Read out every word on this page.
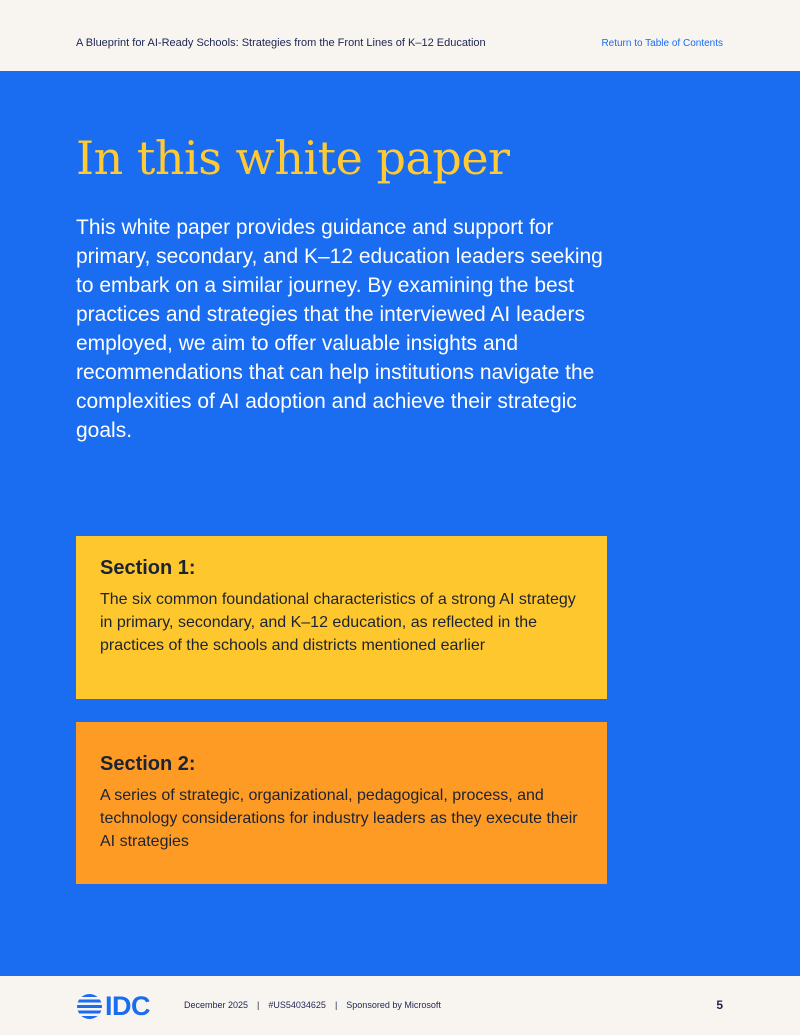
A Blueprint for AI-Ready Schools: Strategies from the Front Lines of K–12 Education	Return to Table of Contents
In this white paper

This white paper provides guidance and support for primary, secondary, and K–12 education leaders seeking to embark on a similar journey. By examining the best practices and strategies that the interviewed AI leaders employed, we aim to offer valuable insights and recommendations that can help institutions navigate the complexities of AI adoption and achieve their strategic goals.

Section 1:

The six common foundational characteristics of a strong AI strategy in primary, secondary, and K–12 education, as reflected in the practices of the schools and districts mentioned earlier

Section 2:

A series of strategic, organizational, pedagogical, process, and technology considerations for industry leaders as they execute their AI strategies

IDC	December 2025 | #US54034625 | Sponsored by Microsoft	5
